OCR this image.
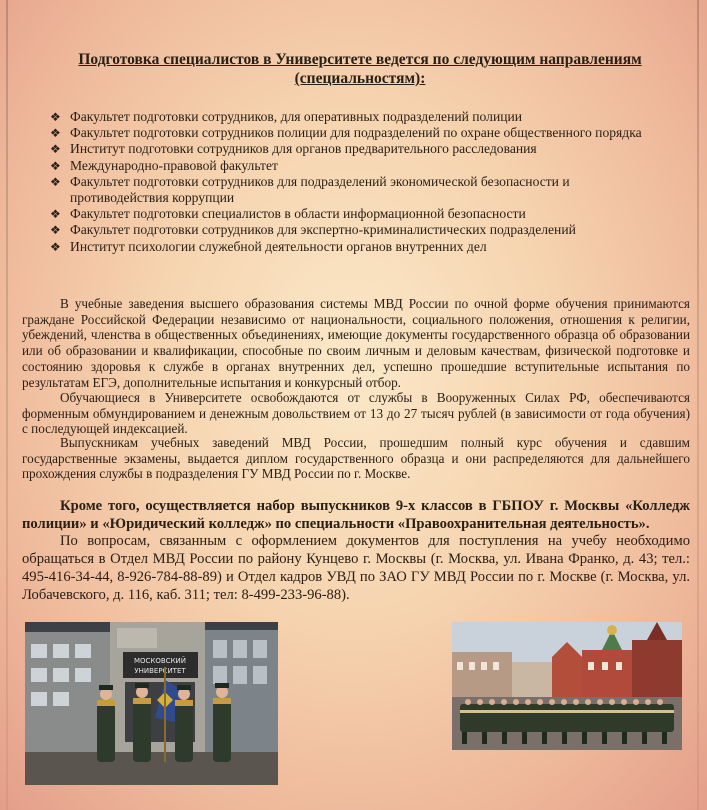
Подготовка специалистов в Университете ведется по следующим направлениям (специальностям):
❖ Факультет подготовки сотрудников, для оперативных подразделений полиции
❖ Факультет подготовки сотрудников полиции для подразделений по охране общественного порядка
❖ Институт подготовки сотрудников для органов предварительного расследования
❖ Международно-правовой факультет
❖ Факультет подготовки сотрудников для подразделений экономической безопасности и противодействия коррупции
❖ Факультет подготовки специалистов в области информационной безопасности
❖ Факультет подготовки сотрудников для экспертно-криминалистических подразделений
❖ Институт психологии служебной деятельности органов внутренних дел

В учебные заведения высшего образования системы МВД России по очной форме обучения принимаются граждане Российской Федерации независимо от национальности, социального положения, отношения к религии, убеждений, членства в общественных объединениях, имеющие документы государственного образца об образовании или об образовании и квалификации, способные по своим личным и деловым качествам, физической подготовке и состоянию здоровья к службе в органах внутренних дел, успешно прошедшие вступительные испытания по результатам ЕГЭ, дополнительные испытания и конкурсный отбор.

Обучающиеся в Университете освобождаются от службы в Вооруженных Силах РФ, обеспечиваются форменным обмундированием и денежным довольствием от 13 до 27 тысяч рублей (в зависимости от года обучения) с последующей индексацией.

Выпускникам учебных заведений МВД России, прошедшим полный курс обучения и сдавшим государственные экзамены, выдается диплом государственного образца и они распределяются для дальнейшего прохождения службы в подразделения ГУ МВД России по г. Москве.

Кроме того, осуществляется набор выпускников 9-х классов в ГБПОУ г. Москвы «Колледж полиции» и «Юридический колледж» по специальности «Правоохранительная деятельность».

По вопросам, связанным с оформлением документов для поступления на учебу необходимо обращаться в Отдел МВД России по району Кунцево г. Москвы (г. Москва, ул. Ивана Франко, д. 43; тел.: 495-416-34-44, 8-926-784-88-89) и Отдел кадров УВД по ЗАО ГУ МВД России по г. Москве (г. Москва, ул. Лобачевского, д. 116, каб. 311; тел: 8-499-233-96-88).

МОСКОВСКИЙ
УНИВЕРСИТЕТ
